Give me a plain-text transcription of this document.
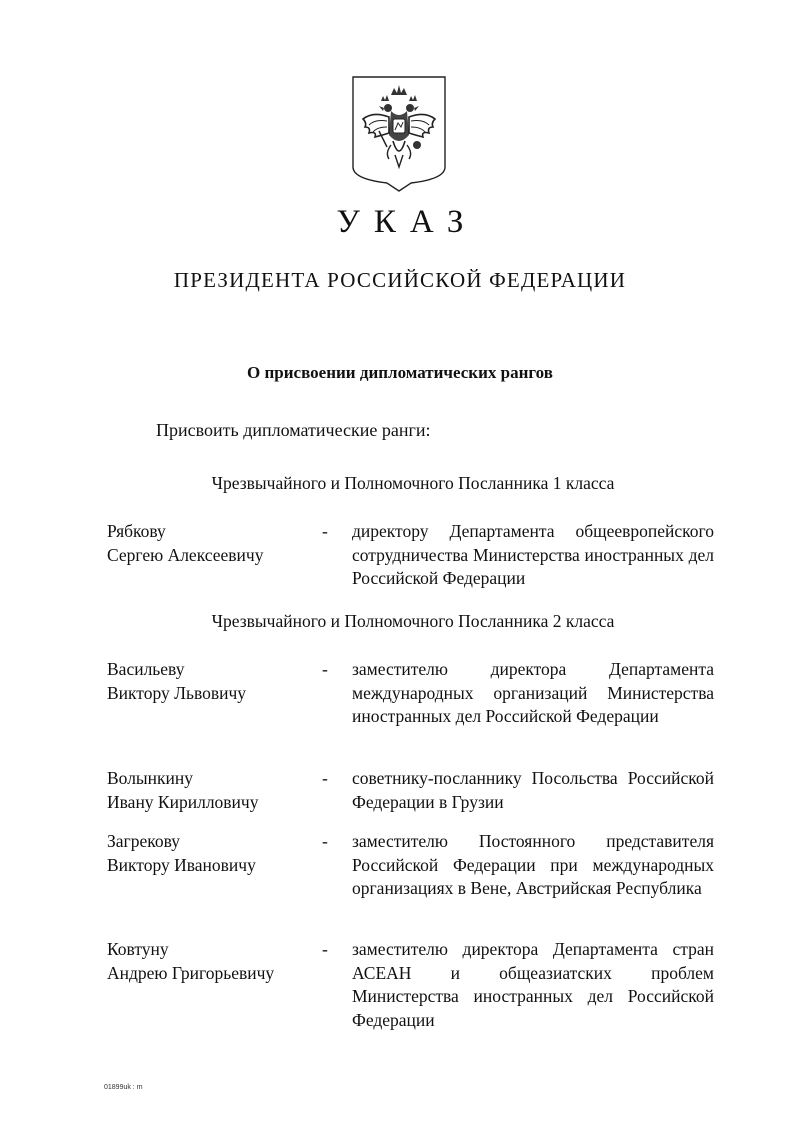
УКАЗ
ПРЕЗИДЕНТА РОССИЙСКОЙ ФЕДЕРАЦИИ
О присвоении дипломатических рангов
Присвоить дипломатические ранги:
Чрезвычайного и Полномочного Посланника 1 класса
Рябкову
Сергею Алексеевичу
-	директору Департамента общеевропейского сотрудничества Министерства иностранных дел Российской Федерации
Чрезвычайного и Полномочного Посланника 2 класса
Васильеву
Виктору Львовичу
-	заместителю директора Департамента международных организаций Министерства иностранных дел Российской Федерации
Волынкину
Ивану Кирилловичу
-	советнику-посланнику Посольства Российской Федерации в Грузии
Загрекову
Виктору Ивановичу
-	заместителю Постоянного представителя Российской Федерации при международных организациях в Вене, Австрийская Республика
Ковтуну
Андрею Григорьевичу
-	заместителю директора Департамента стран АСЕАН и общеазиатских проблем Министерства иностранных дел Российской Федерации
01899uk : m
